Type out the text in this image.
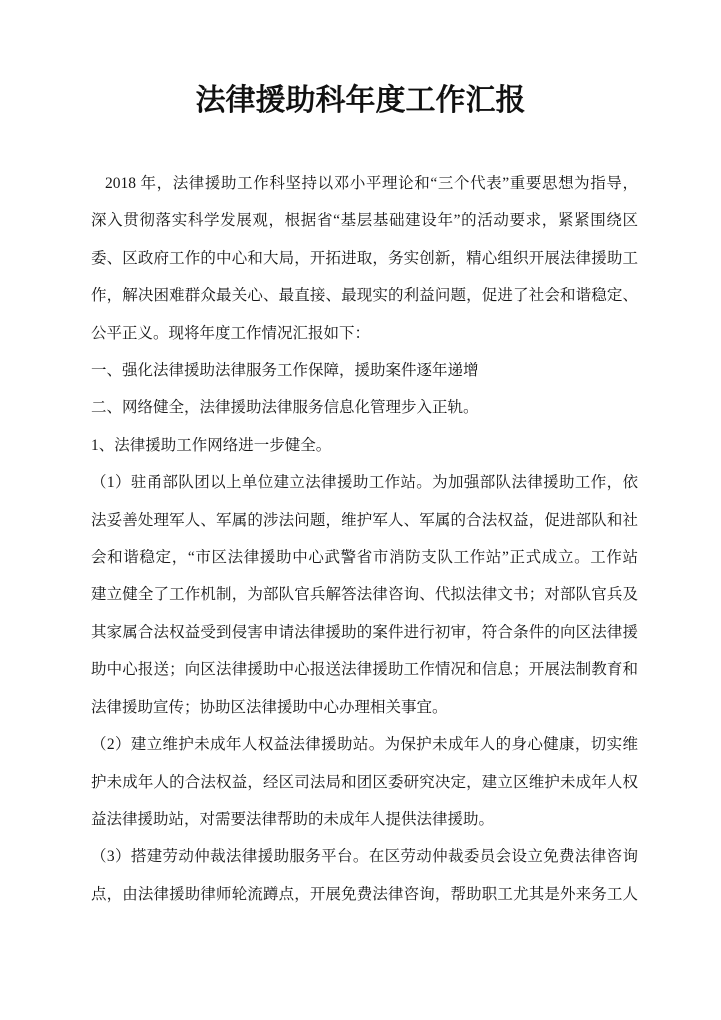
法律援助科年度工作汇报
2018 年，法律援助工作科坚持以邓小平理论和“三个代表”重要思想为指导，
深入贯彻落实科学发展观，根据省“基层基础建设年”的活动要求，紧紧围绕区
委、区政府工作的中心和大局，开拓进取，务实创新，精心组织开展法律援助工
作，解决困难群众最关心、最直接、最现实的利益问题，促进了社会和谐稳定、
公平正义。现将年度工作情况汇报如下：
一、强化法律援助法律服务工作保障，援助案件逐年递增
二、网络健全，法律援助法律服务信息化管理步入正轨。
1、法律援助工作网络进一步健全。
（1）驻甬部队团以上单位建立法律援助工作站。为加强部队法律援助工作，依
法妥善处理军人、军属的涉法问题，维护军人、军属的合法权益，促进部队和社
会和谐稳定，“市区法律援助中心武警省市消防支队工作站”正式成立。工作站
建立健全了工作机制，为部队官兵解答法律咨询、代拟法律文书；对部队官兵及
其家属合法权益受到侵害申请法律援助的案件进行初审，符合条件的向区法律援
助中心报送；向区法律援助中心报送法律援助工作情况和信息；开展法制教育和
法律援助宣传；协助区法律援助中心办理相关事宜。
（2）建立维护未成年人权益法律援助站。为保护未成年人的身心健康，切实维
护未成年人的合法权益，经区司法局和团区委研究决定，建立区维护未成年人权
益法律援助站，对需要法律帮助的未成年人提供法律援助。
（3）搭建劳动仲裁法律援助服务平台。在区劳动仲裁委员会设立免费法律咨询
点，由法律援助律师轮流蹲点，开展免费法律咨询，帮助职工尤其是外来务工人
